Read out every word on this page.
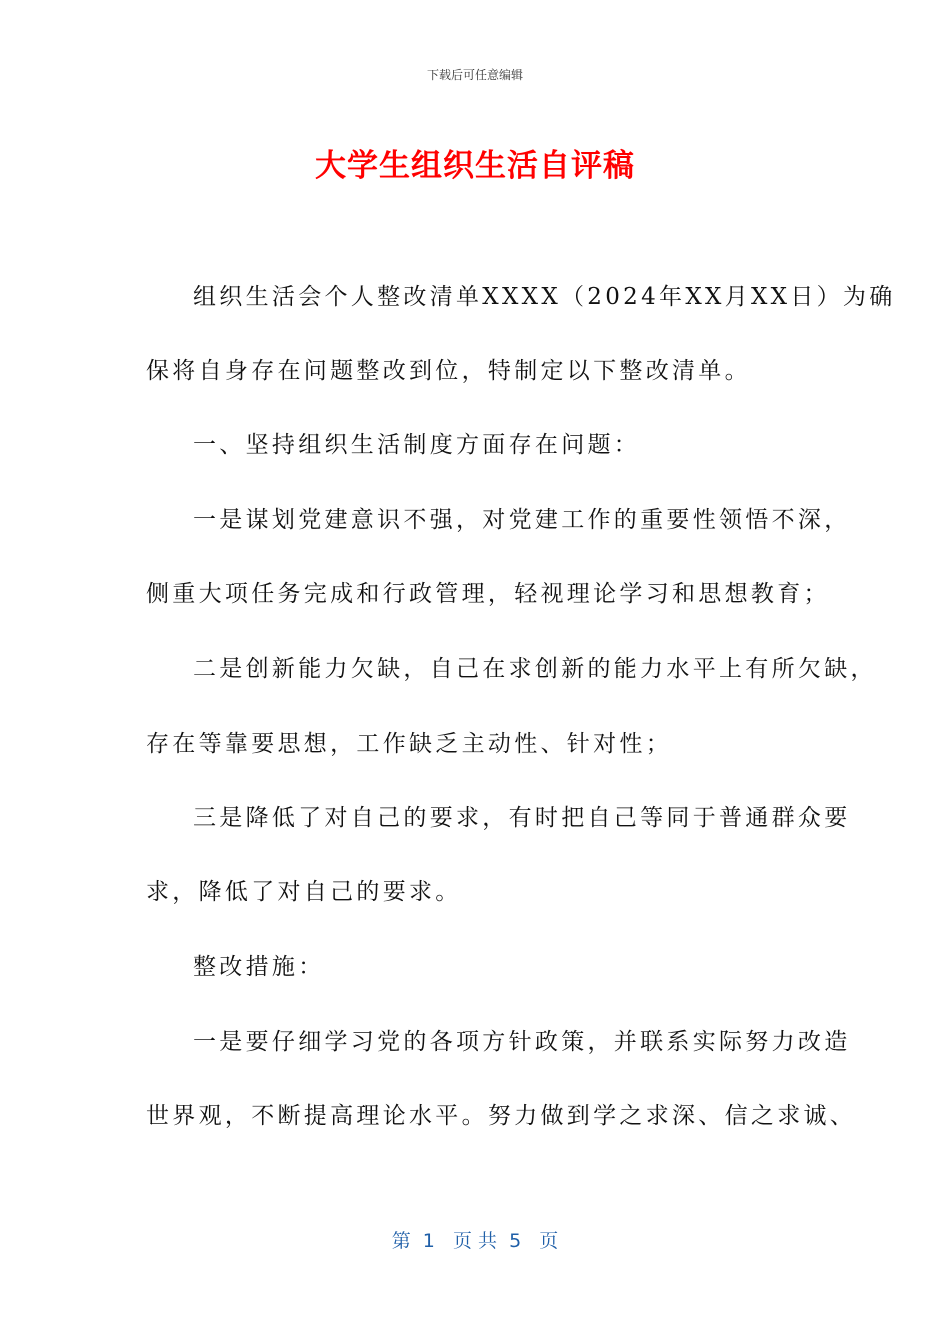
下载后可任意编辑
大学生组织生活自评稿
组织生活会个人整改清单XXXX（2024年XX月XX日）为确
保将自身存在问题整改到位，特制定以下整改清单。
一、坚持组织生活制度方面存在问题：
一是谋划党建意识不强，对党建工作的重要性领悟不深，
侧重大项任务完成和行政管理，轻视理论学习和思想教育；
二是创新能力欠缺，自己在求创新的能力水平上有所欠缺，
存在等靠要思想，工作缺乏主动性、针对性；
三是降低了对自己的要求，有时把自己等同于普通群众要
求，降低了对自己的要求。
整改措施：
一是要仔细学习党的各项方针政策，并联系实际努力改造
世界观，不断提高理论水平。努力做到学之求深、信之求诚、
第  1   页 共  5   页
